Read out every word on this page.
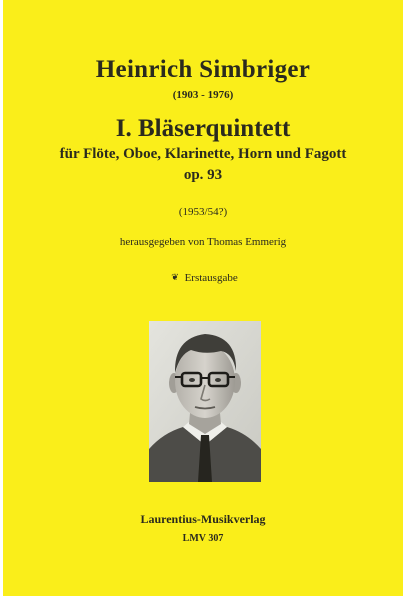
Heinrich Simbriger
(1903 - 1976)
I. Bläserquintett
für Flöte, Oboe, Klarinette, Horn und Fagott
op. 93
(1953/54?)
herausgegeben von Thomas Emmerig
❦ Erstausgabe
Laurentius-Musikverlag
LMV 307
